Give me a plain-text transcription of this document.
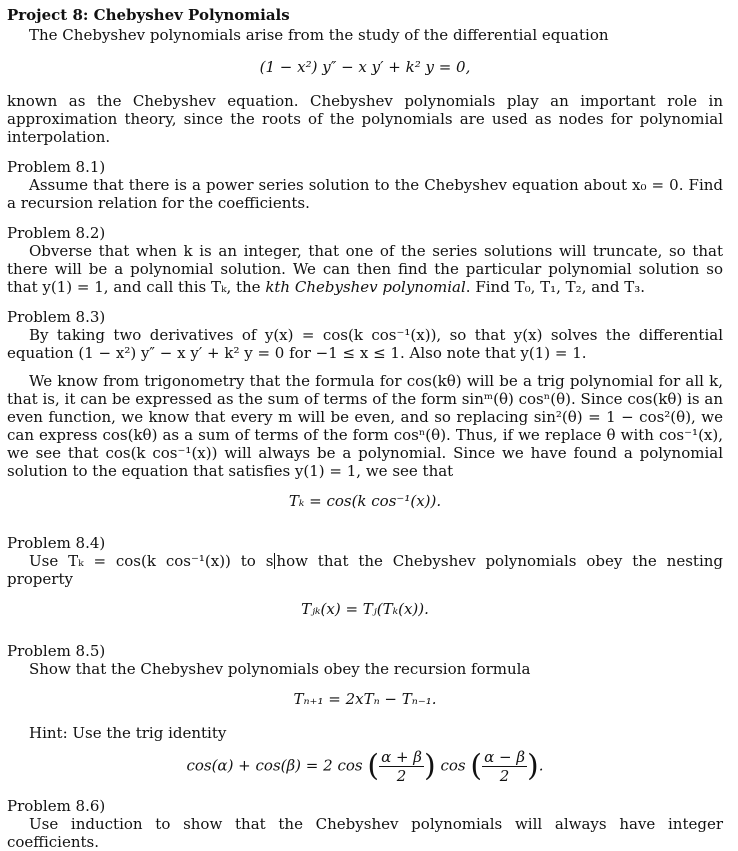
Project 8: Chebyshev Polynomials

The Chebyshev polynomials arise from the study of the differential equation

(1 − x²) y″ − x y′ + k² y = 0,

known as the Chebyshev equation. Chebyshev polynomials play an important role in approximation theory, since the roots of the polynomials are used as nodes for polynomial interpolation.

Problem 8.1)

Assume that there is a power series solution to the Chebyshev equation about x₀ = 0. Find a recursion relation for the coefficients.

Problem 8.2)

Obverse that when k is an integer, that one of the series solutions will truncate, so that there will be a polynomial solution. We can then find the particular polynomial solution so that y(1) = 1, and call this Tₖ, the kth Chebyshev polynomial. Find T₀, T₁, T₂, and T₃.

Problem 8.3)

By taking two derivatives of y(x) = cos(k cos⁻¹(x)), so that y(x) solves the differential equation (1 − x²) y″ − x y′ + k² y = 0 for −1 ≤ x ≤ 1. Also note that y(1) = 1.

We know from trigonometry that the formula for cos(kθ) will be a trig polynomial for all k, that is, it can be expressed as the sum of terms of the form sinᵐ(θ) cosⁿ(θ). Since cos(kθ) is an even function, we know that every m will be even, and so replacing sin²(θ) = 1 − cos²(θ), we can express cos(kθ) as a sum of terms of the form cosⁿ(θ). Thus, if we replace θ with cos⁻¹(x), we see that cos(k cos⁻¹(x)) will always be a polynomial. Since we have found a polynomial solution to the equation that satisfies y(1) = 1, we see that

Tₖ = cos(k cos⁻¹(x)).
Problem 8.4)

Use Tₖ = cos(k cos⁻¹(x)) to s how that the Chebyshev polynomials obey the nesting property

Tⱼₖ(x) = Tⱼ(Tₖ(x)).
Problem 8.5)

Show that the Chebyshev polynomials obey the recursion formula

Tₙ₊₁ = 2xTₙ − Tₙ₋₁.

Hint: Use the trig identity

cos(α) + cos(β) = 2 cos ( $\frac{\alpha + \beta}{2}$ ) cos ( $\frac{\alpha - \beta}{2}$ ).
Problem 8.6)

Use induction to show that the Chebyshev polynomials will always have integer coefficients.
